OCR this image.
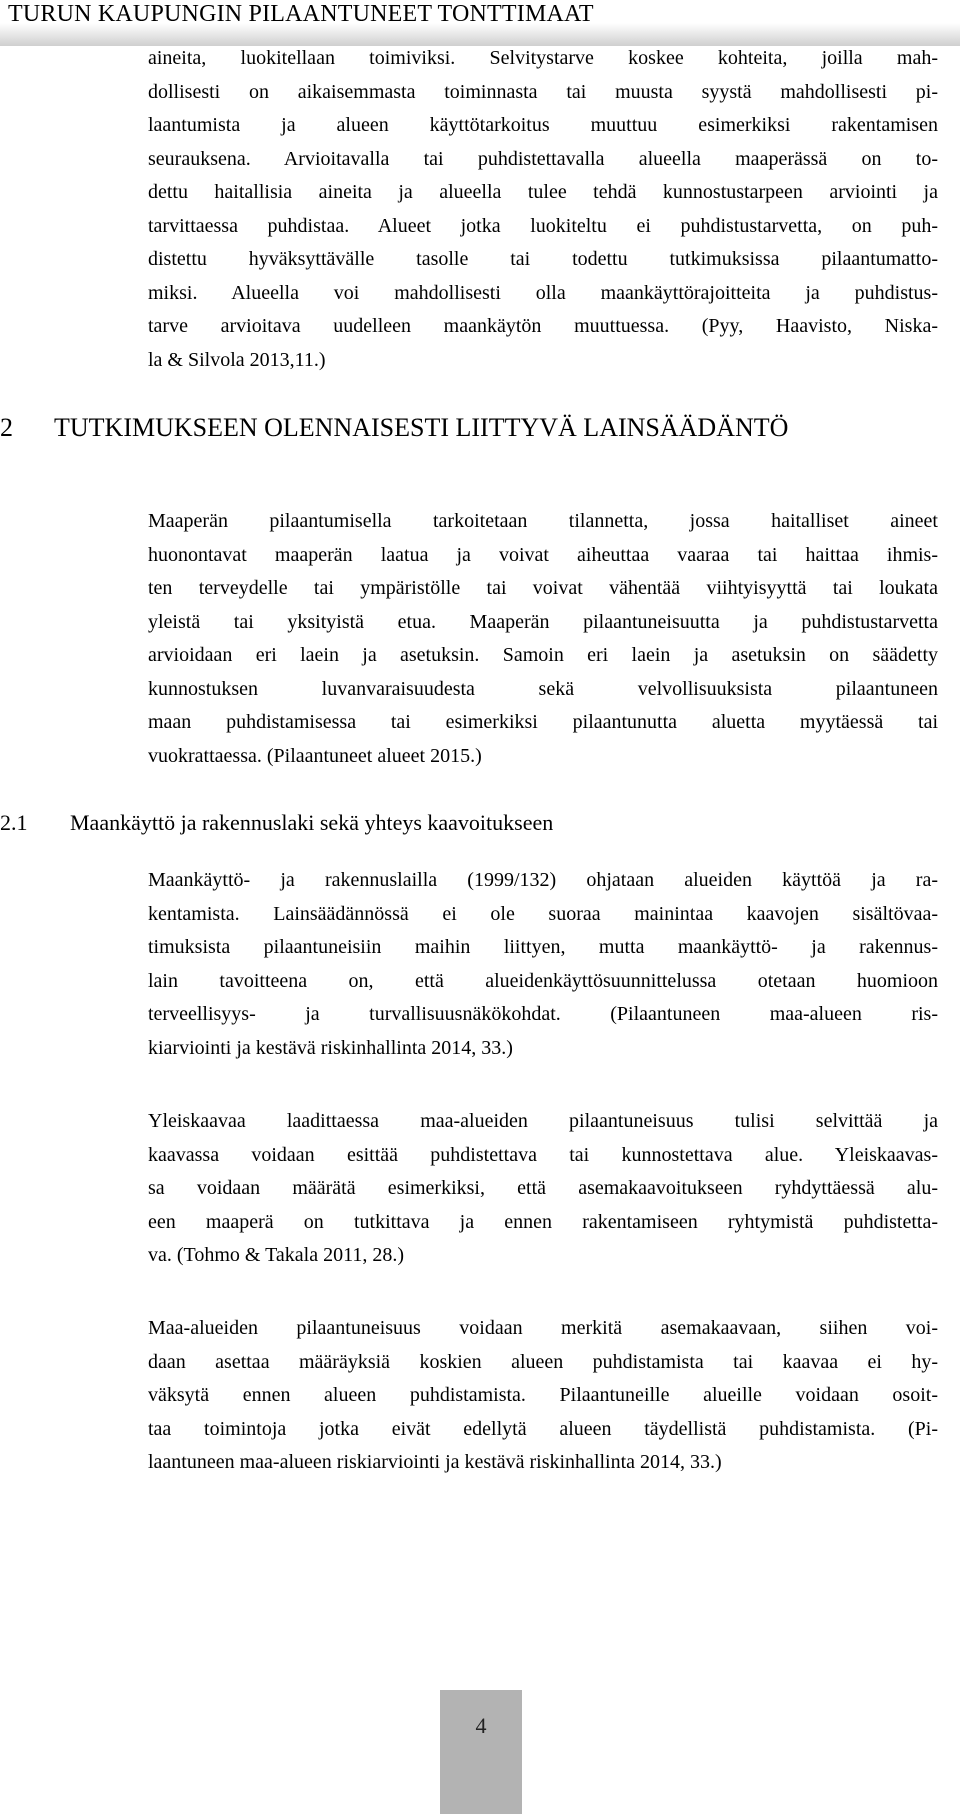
TURUN KAUPUNGIN PILAANTUNEET TONTTIMAAT
aineita, luokitellaan toimiviksi. Selvitystarve koskee kohteita, joilla mah-
dollisesti on aikaisemmasta toiminnasta tai muusta syystä mahdollisesti pi-
laantumista ja alueen käyttötarkoitus muuttuu esimerkiksi rakentamisen
seurauksena. Arvioitavalla tai puhdistettavalla alueella maaperässä on to-
dettu haitallisia aineita ja alueella tulee tehdä kunnostustarpeen arviointi ja
tarvittaessa puhdistaa. Alueet jotka luokiteltu ei puhdistustarvetta, on puh-
distettu hyväksyttävälle tasolle tai todettu tutkimuksissa pilaantumatto-
miksi. Alueella voi mahdollisesti olla maankäyttörajoitteita ja puhdistus-
tarve arvioitava uudelleen maankäytön muuttuessa. (Pyy, Haavisto, Niska-
la & Silvola 2013,11.)
2 TUTKIMUKSEEN OLENNAISESTI LIITTYVÄ LAINSÄÄDÄNTÖ
Maaperän pilaantumisella tarkoitetaan tilannetta, jossa haitalliset aineet
huonontavat maaperän laatua ja voivat aiheuttaa vaaraa tai haittaa ihmis-
ten terveydelle tai ympäristölle tai voivat vähentää viihtyisyyttä tai loukata
yleistä tai yksityistä etua. Maaperän pilaantuneisuutta ja puhdistustarvetta
arvioidaan eri laein ja asetuksin. Samoin eri laein ja asetuksin on säädetty
kunnostuksen luvanvaraisuudesta sekä velvollisuuksista pilaantuneen
maan puhdistamisessa tai esimerkiksi pilaantunutta aluetta myytäessä tai
vuokrattaessa. (Pilaantuneet alueet 2015.)
2.1 Maankäyttö ja rakennuslaki sekä yhteys kaavoitukseen
Maankäyttö- ja rakennuslailla (1999/132) ohjataan alueiden käyttöä ja ra-
kentamista. Lainsäädännössä ei ole suoraa mainintaa kaavojen sisältövaa-
timuksista pilaantuneisiin maihin liittyen, mutta maankäyttö- ja rakennus-
lain tavoitteena on, että alueidenkäyttösuunnittelussa otetaan huomioon
terveellisyys- ja turvallisuusnäkökohdat. (Pilaantuneen maa-alueen ris-
kiarviointi ja kestävä riskinhallinta 2014, 33.)
Yleiskaavaa laadittaessa maa-alueiden pilaantuneisuus tulisi selvittää ja
kaavassa voidaan esittää puhdistettava tai kunnostettava alue. Yleiskaavas-
sa voidaan määrätä esimerkiksi, että asemakaavoitukseen ryhdyttäessä alu-
een maaperä on tutkittava ja ennen rakentamiseen ryhtymistä puhdistetta-
va. (Tohmo & Takala 2011, 28.)
Maa-alueiden pilaantuneisuus voidaan merkitä asemakaavaan, siihen voi-
daan asettaa määräyksiä koskien alueen puhdistamista tai kaavaa ei hy-
väksytä ennen alueen puhdistamista. Pilaantuneille alueille voidaan osoit-
taa toimintoja jotka eivät edellytä alueen täydellistä puhdistamista. (Pi-
laantuneen maa-alueen riskiarviointi ja kestävä riskinhallinta 2014, 33.)
4
